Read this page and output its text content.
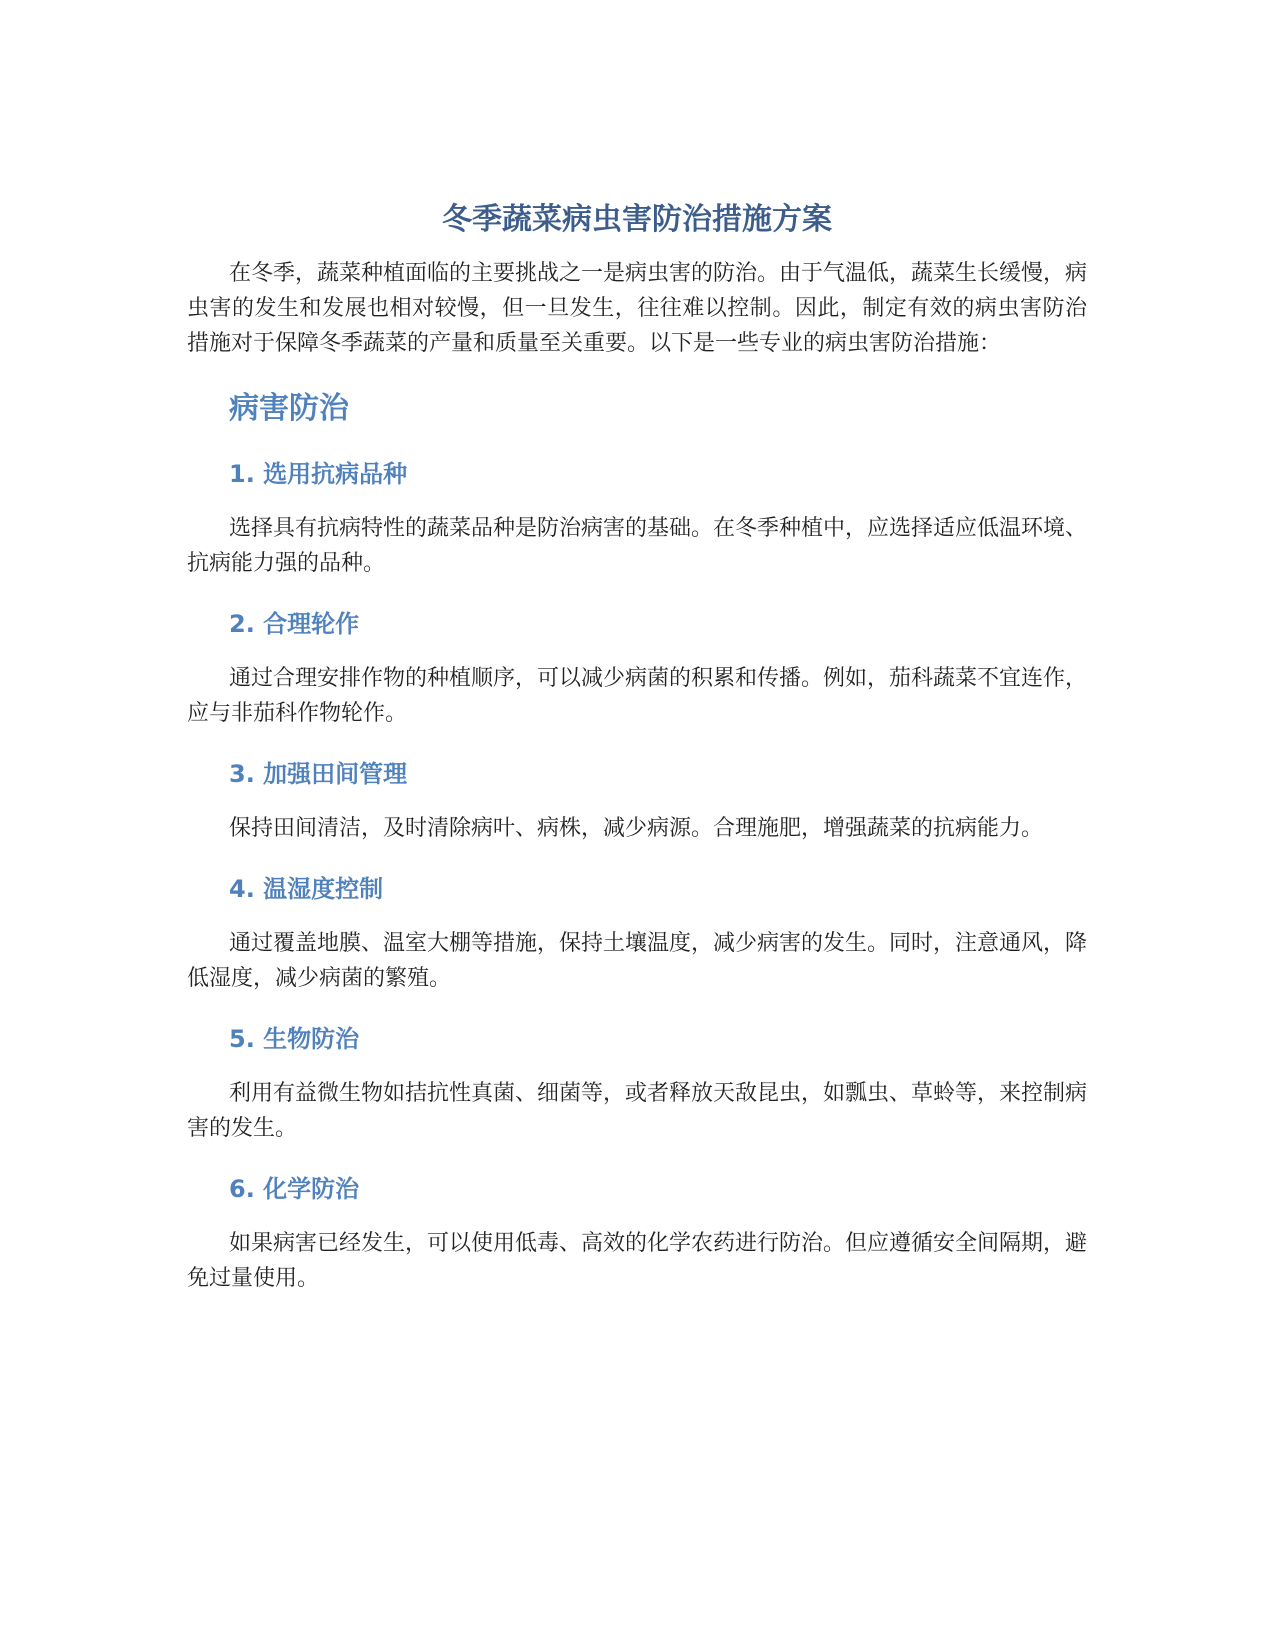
冬季蔬菜病虫害防治措施方案

在冬季，蔬菜种植面临的主要挑战之一是病虫害的防治。由于气温低，蔬菜生长缓慢，病虫害的发生和发展也相对较慢，但一旦发生，往往难以控制。因此，制定有效的病虫害防治措施对于保障冬季蔬菜的产量和质量至关重要。以下是一些专业的病虫害防治措施：

病害防治
1. 选用抗病品种

选择具有抗病特性的蔬菜品种是防治病害的基础。在冬季种植中，应选择适应低温环境、抗病能力强的品种。

2. 合理轮作

通过合理安排作物的种植顺序，可以减少病菌的积累和传播。例如，茄科蔬菜不宜连作，应与非茄科作物轮作。

3. 加强田间管理

保持田间清洁，及时清除病叶、病株，减少病源。合理施肥，增强蔬菜的抗病能力。

4. 温湿度控制

通过覆盖地膜、温室大棚等措施，保持土壤温度，减少病害的发生。同时，注意通风，降低湿度，减少病菌的繁殖。

5. 生物防治

利用有益微生物如拮抗性真菌、细菌等，或者释放天敌昆虫，如瓢虫、草蛉等，来控制病害的发生。

6. 化学防治

如果病害已经发生，可以使用低毒、高效的化学农药进行防治。但应遵循安全间隔期，避免过量使用。
